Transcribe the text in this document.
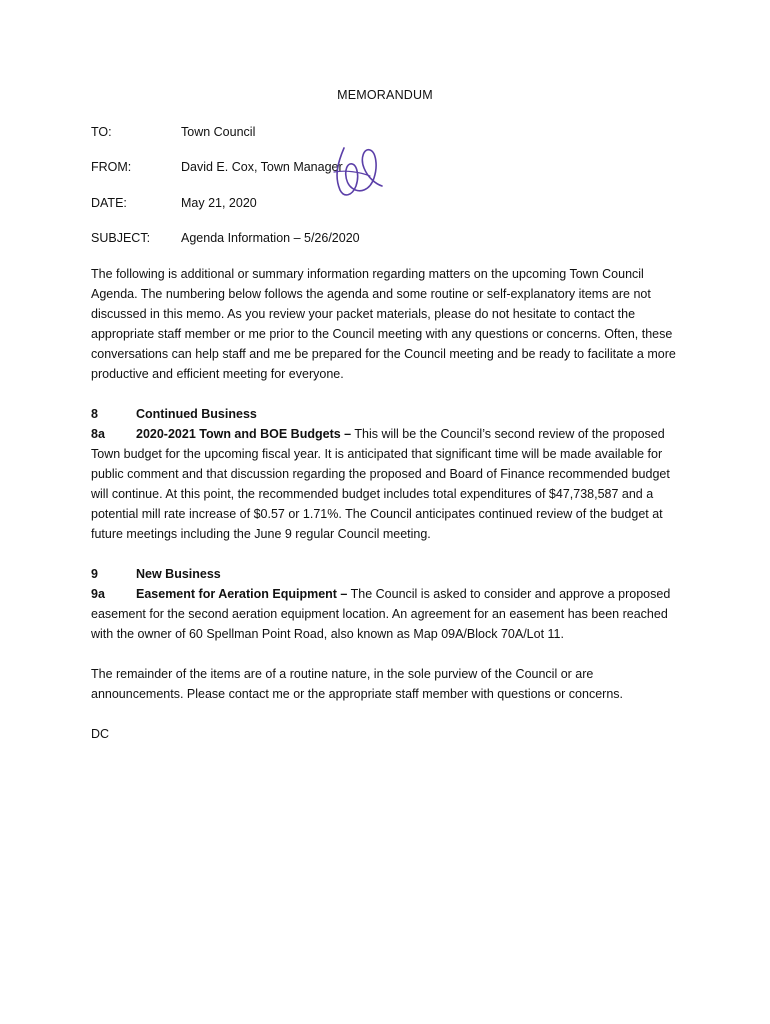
MEMORANDUM
TO:	Town Council
FROM:	David E. Cox, Town Manager
DATE:	May 21, 2020
SUBJECT: Agenda Information – 5/26/2020
The following is additional or summary information regarding matters on the upcoming Town Council Agenda. The numbering below follows the agenda and some routine or self-explanatory items are not discussed in this memo. As you review your packet materials, please do not hesitate to contact the appropriate staff member or me prior to the Council meeting with any questions or concerns. Often, these conversations can help staff and me be prepared for the Council meeting and be ready to facilitate a more productive and efficient meeting for everyone.
8	Continued Business
8a 2020-2021 Town and BOE Budgets – This will be the Council’s second review of the proposed Town budget for the upcoming fiscal year. It is anticipated that significant time will be made available for public comment and that discussion regarding the proposed and Board of Finance recommended budget will continue. At this point, the recommended budget includes total expenditures of $47,738,587 and a potential mill rate increase of $0.57 or 1.71%. The Council anticipates continued review of the budget at future meetings including the June 9 regular Council meeting.
9	New Business
9a Easement for Aeration Equipment – The Council is asked to consider and approve a proposed easement for the second aeration equipment location. An agreement for an easement has been reached with the owner of 60 Spellman Point Road, also known as Map 09A/Block 70A/Lot 11.
The remainder of the items are of a routine nature, in the sole purview of the Council or are announcements. Please contact me or the appropriate staff member with questions or concerns.
DC
